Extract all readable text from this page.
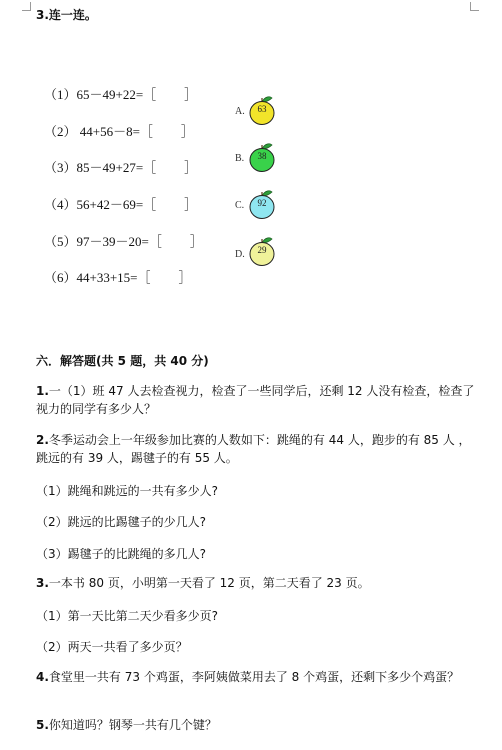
3.连一连。
（1）65－49+22=［ ］
（2） 44+56－8=［ ］
（3）85－49+27=［ ］
（4）56+42－69=［ ］
（5）97－39－20=［ ］
（6）44+33+15=［ ］
A.	63
B.	38
C.	92
D.	29
六．解答题(共 5 题，共 40 分)
1.一（1）班 47 人去检查视力，检查了一些同学后，还剩 12 人没有检查，检查了视力的同学有多少人？
2.冬季运动会上一年级参加比赛的人数如下：跳绳的有 44 人，跑步的有 85 人 ，跳远的有 39 人，踢毽子的有 55 人。
（1）跳绳和跳远的一共有多少人?
（2）跳远的比踢毽子的少几人?
（3）踢毽子的比跳绳的多几人?
3.一本书 80 页，小明第一天看了 12 页，第二天看了 23 页。
（1）第一天比第二天少看多少页?
（2）两天一共看了多少页？
4.食堂里一共有 73 个鸡蛋，李阿姨做菜用去了 8 个鸡蛋，还剩下多少个鸡蛋？
5.你知道吗？钢琴一共有几个键？
